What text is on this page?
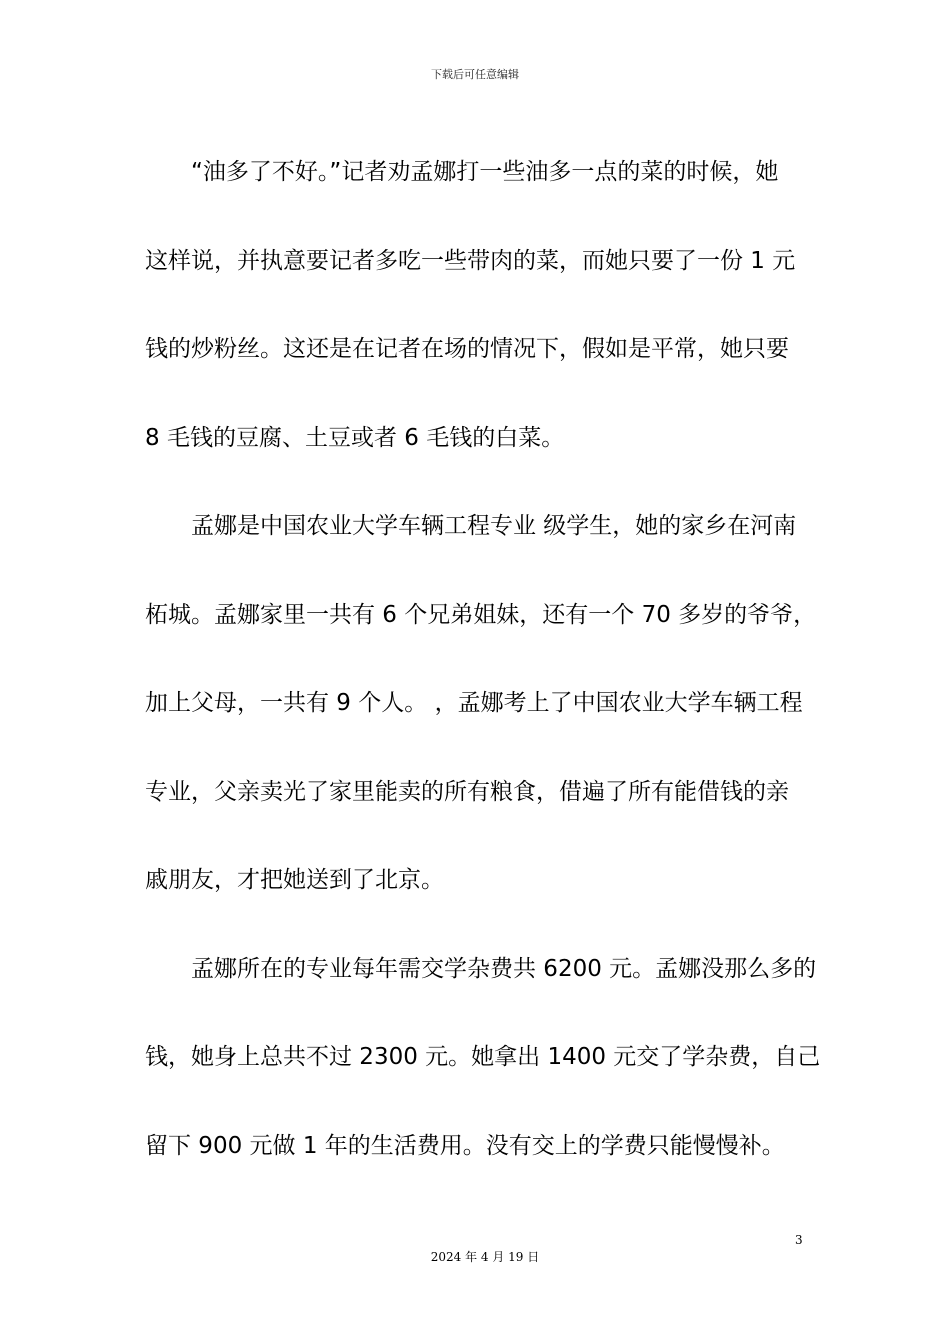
下载后可任意编辑
“油多了不好。”记者劝孟娜打一些油多一点的菜的时候，她
这样说，并执意要记者多吃一些带肉的菜，而她只要了一份 1 元
钱的炒粉丝。这还是在记者在场的情况下，假如是平常，她只要
8 毛钱的豆腐、土豆或者 6 毛钱的白菜。
孟娜是中国农业大学车辆工程专业 级学生，她的家乡在河南
柘城。孟娜家里一共有 6 个兄弟姐妹，还有一个 70 多岁的爷爷，
加上父母，一共有 9 个人。 ，孟娜考上了中国农业大学车辆工程
专业，父亲卖光了家里能卖的所有粮食，借遍了所有能借钱的亲
戚朋友，才把她送到了北京。
孟娜所在的专业每年需交学杂费共 6200 元。孟娜没那么多的
钱，她身上总共不过 2300 元。她拿出 1400 元交了学杂费，自己
留下 900 元做 1 年的生活费用。没有交上的学费只能慢慢补。
3
2024 年 4 月 19 日
